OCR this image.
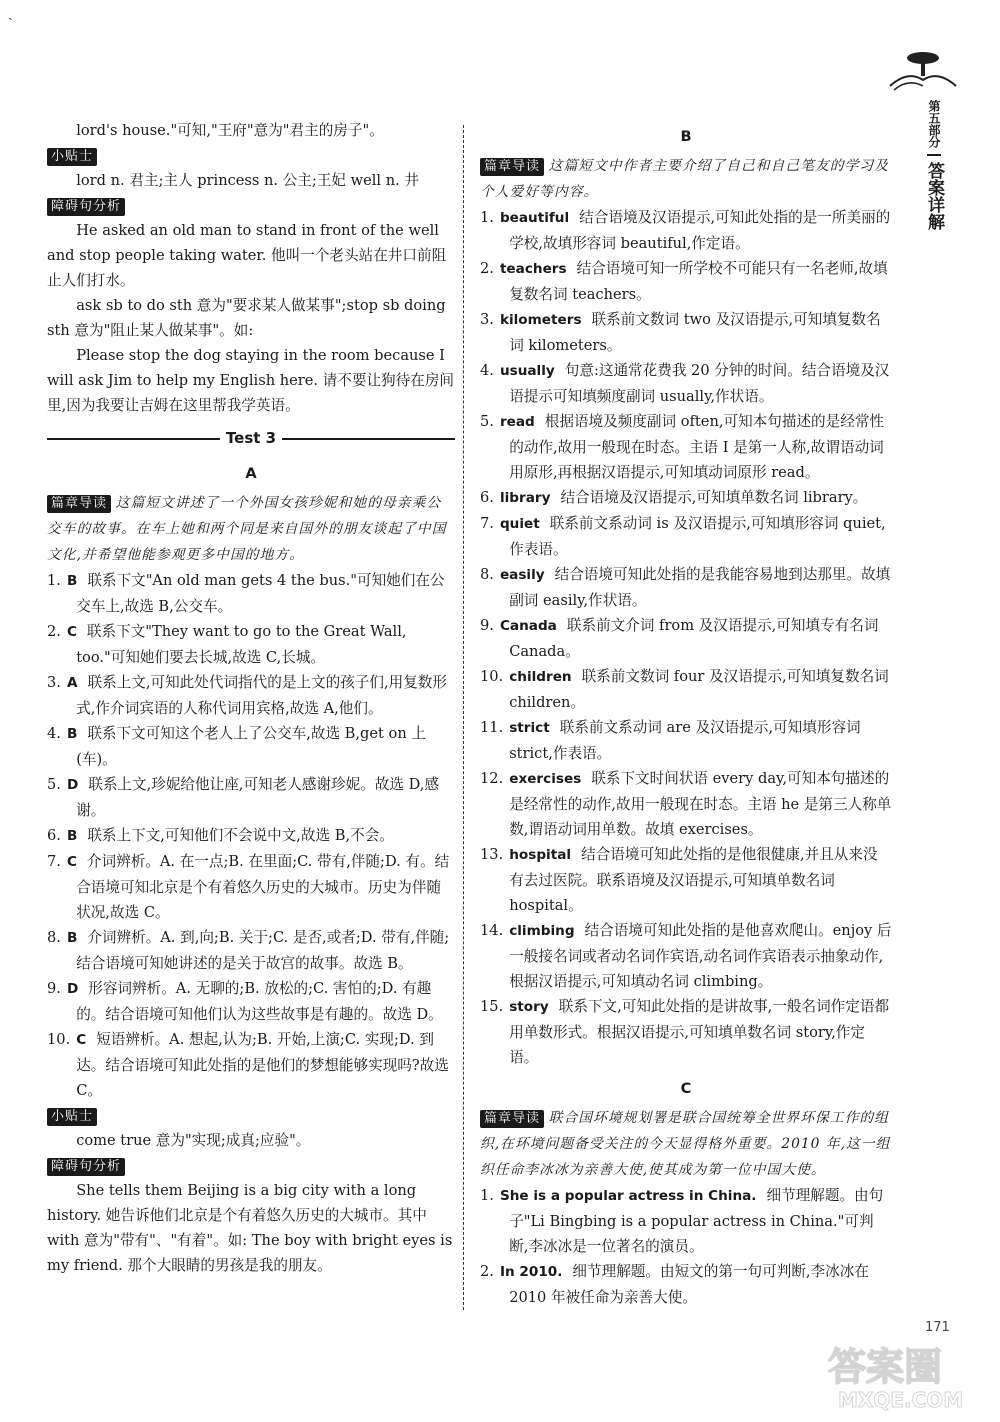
ˎ
第五部分
答案详解

lord's house."可知,"王府"意为"君主的房子"。

小贴士

lord n. 君主;主人 princess n. 公主;王妃 well n. 井

障碍句分析

He asked an old man to stand in front of the well and stop people taking water. 他叫一个老头站在井口前阻止人们打水。

ask sb to do sth 意为"要求某人做某事";stop sb doing sth 意为"阻止某人做某事"。如:

Please stop the dog staying in the room because I will ask Jim to help my English here. 请不要让狗待在房间里,因为我要让吉姆在这里帮我学英语。

Test 3
A

篇章导读 这篇短文讲述了一个外国女孩珍妮和她的母亲乘公交车的故事。在车上她和两个同是来自国外的朋友谈起了中国文化,并希望他能参观更多中国的地方。

1. B 联系下文"An old man gets 4 the bus."可知她们在公交车上,故选 B,公交车。

2. C 联系下文"They want to go to the Great Wall, too."可知她们要去长城,故选 C,长城。

3. A 联系上文,可知此处代词指代的是上文的孩子们,用复数形式,作介词宾语的人称代词用宾格,故选 A,他们。

4. B 联系下文可知这个老人上了公交车,故选 B,get on 上(车)。

5. D 联系上文,珍妮给他让座,可知老人感谢珍妮。故选 D,感谢。

6. B 联系上下文,可知他们不会说中文,故选 B,不会。

7. C 介词辨析。A. 在一点;B. 在里面;C. 带有,伴随;D. 有。结合语境可知北京是个有着悠久历史的大城市。历史为伴随状况,故选 C。

8. B 介词辨析。A. 到,向;B. 关于;C. 是否,或者;D. 带有,伴随;结合语境可知她讲述的是关于故宫的故事。故选 B。

9. D 形容词辨析。A. 无聊的;B. 放松的;C. 害怕的;D. 有趣的。结合语境可知他们认为这些故事是有趣的。故选 D。

10. C 短语辨析。A. 想起,认为;B. 开始,上演;C. 实现;D. 到达。结合语境可知此处指的是他们的梦想能够实现吗?故选 C。

小贴士

come true 意为"实现;成真;应验"。

障碍句分析

She tells them Beijing is a big city with a long history. 她告诉他们北京是个有着悠久历史的大城市。其中 with 意为"带有"、"有着"。如: The boy with bright eyes is my friend. 那个大眼睛的男孩是我的朋友。

B

篇章导读 这篇短文中作者主要介绍了自己和自己笔友的学习及个人爱好等内容。

1. beautiful 结合语境及汉语提示,可知此处指的是一所美丽的学校,故填形容词 beautiful,作定语。

2. teachers 结合语境可知一所学校不可能只有一名老师,故填复数名词 teachers。

3. kilometers 联系前文数词 two 及汉语提示,可知填复数名词 kilometers。

4. usually 句意:这通常花费我 20 分钟的时间。结合语境及汉语提示可知填频度副词 usually,作状语。

5. read 根据语境及频度副词 often,可知本句描述的是经常性的动作,故用一般现在时态。主语 I 是第一人称,故谓语动词用原形,再根据汉语提示,可知填动词原形 read。

6. library 结合语境及汉语提示,可知填单数名词 library。

7. quiet 联系前文系动词 is 及汉语提示,可知填形容词 quiet,作表语。

8. easily 结合语境可知此处指的是我能容易地到达那里。故填副词 easily,作状语。

9. Canada 联系前文介词 from 及汉语提示,可知填专有名词 Canada。

10. children 联系前文数词 four 及汉语提示,可知填复数名词 children。

11. strict 联系前文系动词 are 及汉语提示,可知填形容词 strict,作表语。

12. exercises 联系下文时间状语 every day,可知本句描述的是经常性的动作,故用一般现在时态。主语 he 是第三人称单数,谓语动词用单数。故填 exercises。

13. hospital 结合语境可知此处指的是他很健康,并且从来没有去过医院。联系语境及汉语提示,可知填单数名词 hospital。

14. climbing 结合语境可知此处指的是他喜欢爬山。enjoy 后一般接名词或者动名词作宾语,动名词作宾语表示抽象动作,根据汉语提示,可知填动名词 climbing。

15. story 联系下文,可知此处指的是讲故事,一般名词作定语都用单数形式。根据汉语提示,可知填单数名词 story,作定语。

C

篇章导读 联合国环境规划署是联合国统筹全世界环保工作的组织,在环境问题备受关注的今天显得格外重要。2010 年,这一组织任命李冰冰为亲善大使,使其成为第一位中国大使。

1. She is a popular actress in China. 细节理解题。由句子"Li Bingbing is a popular actress in China."可判断,李冰冰是一位著名的演员。

2. In 2010. 细节理解题。由短文的第一句可判断,李冰冰在 2010 年被任命为亲善大使。

171
答案圈
MXQE.COM
